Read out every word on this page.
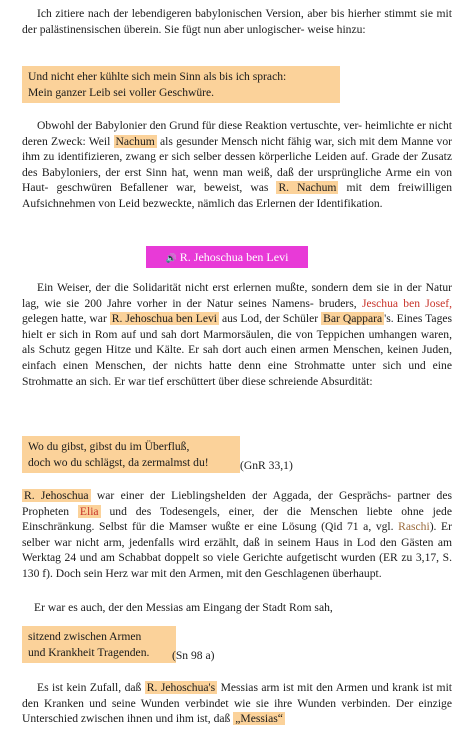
Ich zitiere nach der lebendigeren babylonischen Version, aber bis hierher stimmt sie mit der palästinensischen überein. Sie fügt nun aber unlogischer- weise hinzu:

Und nicht eher kühlte sich mein Sinn als bis ich sprach:
Mein ganzer Leib sei voller Geschwüre.

Obwohl der Babylonier den Grund für diese Reaktion vertuschte, ver- heimlichte er nicht deren Zweck: Weil Nachum als gesunder Mensch nicht fähig war, sich mit dem Manne vor ihm zu identifizieren, zwang er sich selber dessen körperliche Leiden auf. Grade der Zusatz des Babyloniers, der erst Sinn hat, wenn man weiß, daß der ursprüngliche Arme ein von Haut- geschwüren Befallener war, beweist, was R. Nachum mit dem freiwilligen Aufsichnehmen von Leid bezweckte, nämlich das Erlernen der Identifikation.

🔊 R. Jehoschua ben Levi

Ein Weiser, der die Solidarität nicht erst erlernen mußte, sondern dem sie in der Natur lag, wie sie 200 Jahre vorher in der Natur seines Namens- bruders, Jeschua ben Josef, gelegen hatte, war R. Jehoschua ben Levi aus Lod, der Schüler Bar Qappara 's. Eines Tages hielt er sich in Rom auf und sah dort Marmorsäulen, die von Teppichen umhangen waren, als Schutz gegen Hitze und Kälte. Er sah dort auch einen armen Menschen, keinen Juden, einfach einen Menschen, der nichts hatte denn eine Strohmatte unter sich und eine Strohmatte an sich. Er war tief erschüttert über diese schreiende Absurdität:

Wo du gibst, gibst du im Überfluß,
doch wo du schlägst, da zermalmst du!	(GnR 33,1)

R. Jehoschua war einer der Lieblingshelden der Aggada, der Gesprächs- partner des Propheten Elia und des Todesengels, einer, der die Menschen liebte ohne jede Einschränkung. Selbst für die Mamser wußte er eine Lösung (Qid 71 a, vgl. Raschi). Er selber war nicht arm, jedenfalls wird erzählt, daß in seinem Haus in Lod den Gästen am Werktag 24 und am Schabbat doppelt so viele Gerichte aufgetischt wurden (ER zu 3,17, S. 130 f). Doch sein Herz war mit den Armen, mit den Geschlagenen überhaupt.

Er war es auch, der den Messias am Eingang der Stadt Rom sah,

sitzend zwischen Armen
und Krankheit Tragenden.	(Sn 98 a)

Es ist kein Zufall, daß R. Jehoschua's Messias arm ist mit den Armen und krank ist mit den Kranken und seine Wunden verbindet wie sie ihre Wunden verbinden. Der einzige Unterschied zwischen ihnen und ihm ist, daß „Messias“
